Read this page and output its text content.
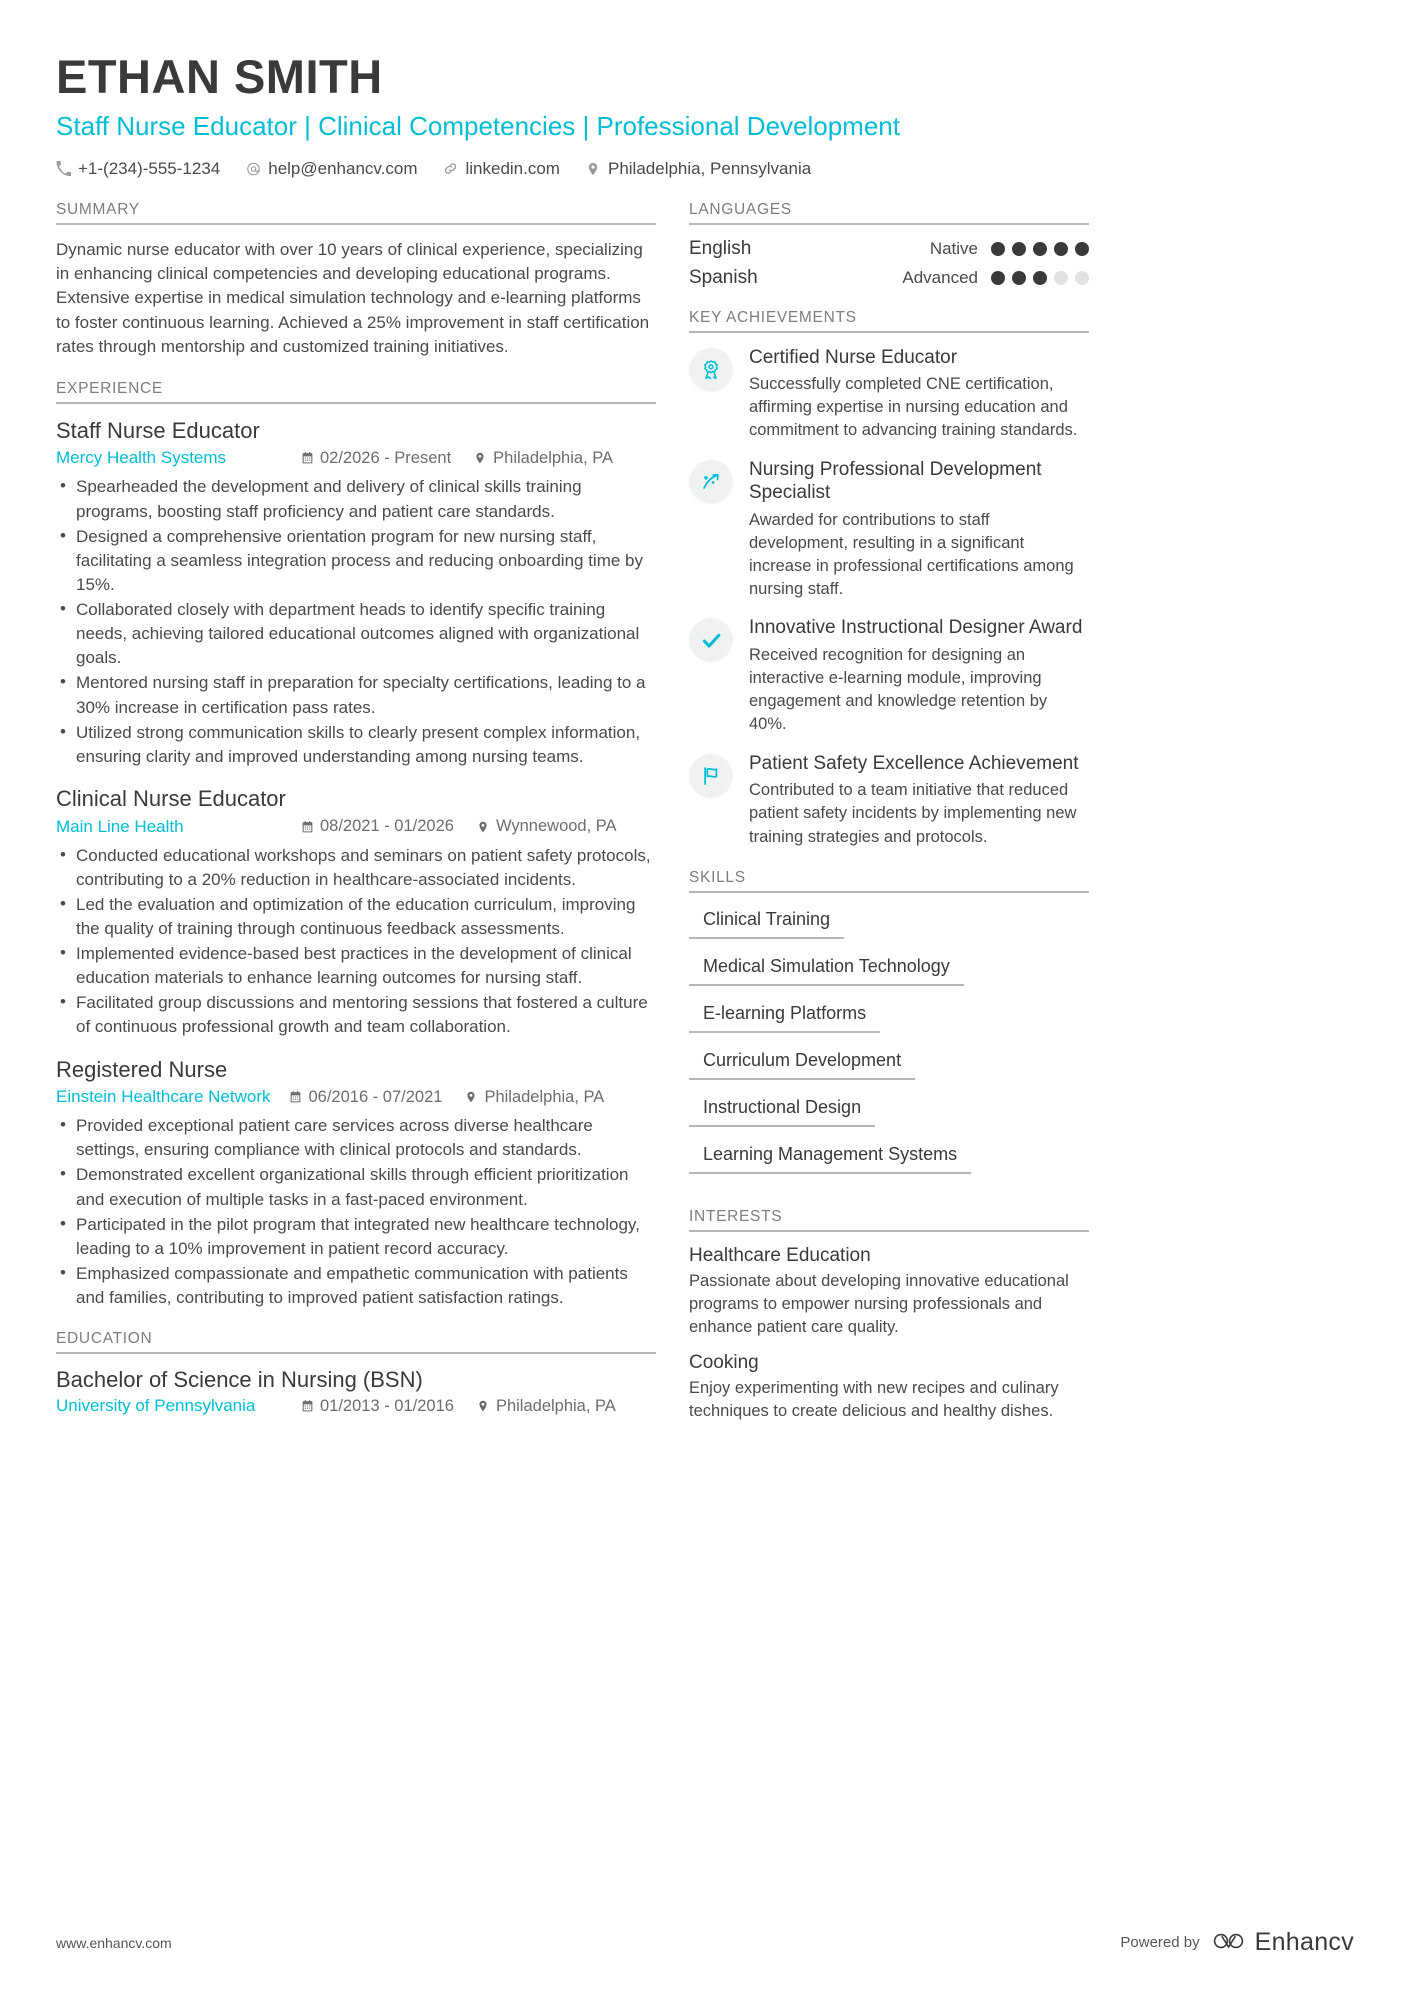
ETHAN SMITH
Staff Nurse Educator | Clinical Competencies | Professional Development
+1-(234)-555-1234	help@enhancv.com	linkedin.com	Philadelphia, Pennsylvania
SUMMARY
Dynamic nurse educator with over 10 years of clinical experience, specializing in enhancing clinical competencies and developing educational programs. Extensive expertise in medical simulation technology and e-learning platforms to foster continuous learning. Achieved a 25% improvement in staff certification rates through mentorship and customized training initiatives.
EXPERIENCE
Staff Nurse Educator
Mercy Health Systems	02/2026 - Present	Philadelphia, PA
• Spearheaded the development and delivery of clinical skills training programs, boosting staff proficiency and patient care standards.
• Designed a comprehensive orientation program for new nursing staff, facilitating a seamless integration process and reducing onboarding time by 15%.
• Collaborated closely with department heads to identify specific training needs, achieving tailored educational outcomes aligned with organizational goals.
• Mentored nursing staff in preparation for specialty certifications, leading to a 30% increase in certification pass rates.
• Utilized strong communication skills to clearly present complex information, ensuring clarity and improved understanding among nursing teams.
Clinical Nurse Educator
Main Line Health	08/2021 - 01/2026	Wynnewood, PA
• Conducted educational workshops and seminars on patient safety protocols, contributing to a 20% reduction in healthcare-associated incidents.
• Led the evaluation and optimization of the education curriculum, improving the quality of training through continuous feedback assessments.
• Implemented evidence-based best practices in the development of clinical education materials to enhance learning outcomes for nursing staff.
• Facilitated group discussions and mentoring sessions that fostered a culture of continuous professional growth and team collaboration.
Registered Nurse
Einstein Healthcare Network 06/2016 - 07/2021	Philadelphia, PA
• Provided exceptional patient care services across diverse healthcare settings, ensuring compliance with clinical protocols and standards.
• Demonstrated excellent organizational skills through efficient prioritization and execution of multiple tasks in a fast-paced environment.
• Participated in the pilot program that integrated new healthcare technology, leading to a 10% improvement in patient record accuracy.
• Emphasized compassionate and empathetic communication with patients and families, contributing to improved patient satisfaction ratings.
EDUCATION
Bachelor of Science in Nursing (BSN)
University of Pennsylvania	01/2013 - 01/2016	Philadelphia, PA
LANGUAGES
English	Native
Spanish	Advanced
KEY ACHIEVEMENTS
Certified Nurse Educator
Successfully completed CNE certification, affirming expertise in nursing education and commitment to advancing training standards.
Nursing Professional Development Specialist
Awarded for contributions to staff development, resulting in a significant increase in professional certifications among nursing staff.
Innovative Instructional Designer Award
Received recognition for designing an interactive e-learning module, improving engagement and knowledge retention by 40%.
Patient Safety Excellence Achievement
Contributed to a team initiative that reduced patient safety incidents by implementing new training strategies and protocols.
SKILLS
Clinical Training
Medical Simulation Technology
E-learning Platforms
Curriculum Development
Instructional Design
Learning Management Systems
INTERESTS
Healthcare Education
Passionate about developing innovative educational programs to empower nursing professionals and enhance patient care quality.
Cooking
Enjoy experimenting with new recipes and culinary techniques to create delicious and healthy dishes.
www.enhancv.com	Powered by Enhancv
